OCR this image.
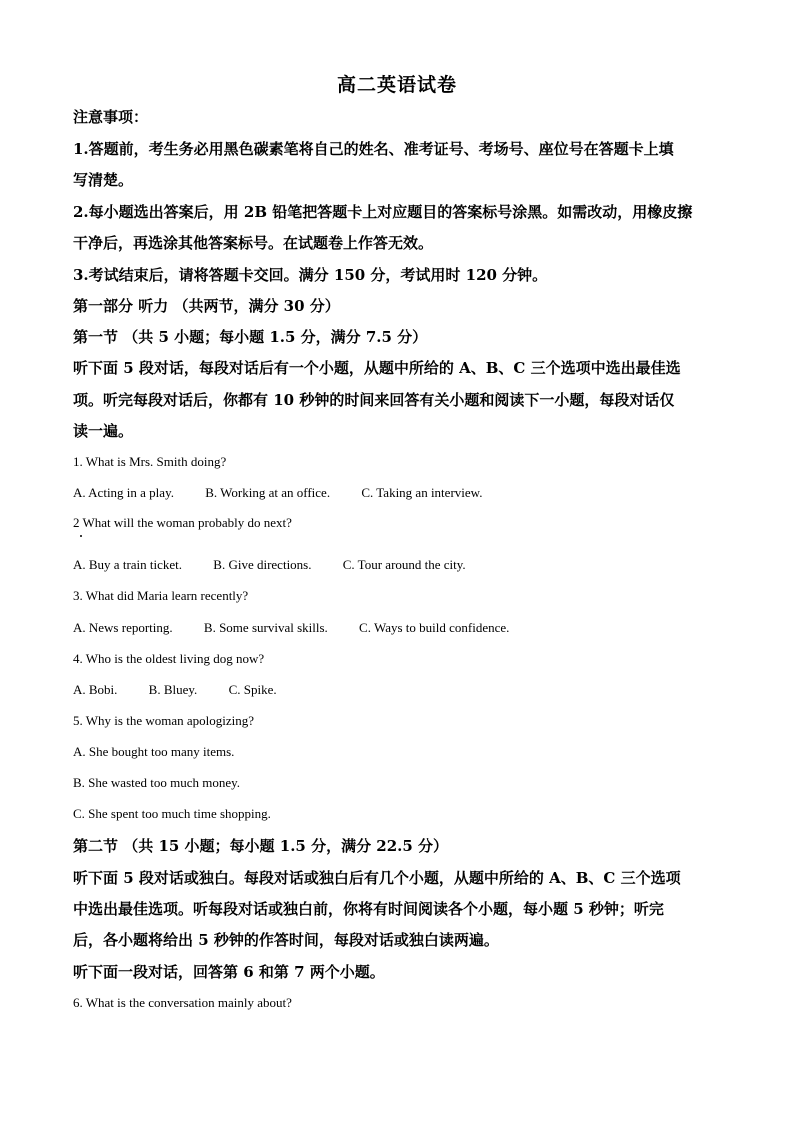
高二英语试卷
注意事项：
1.答题前，考生务必用黑色碳素笔将自己的姓名、准考证号、考场号、座位号在答题卡上填
写清楚。
2.每小题选出答案后，用 2B 铅笔把答题卡上对应题目的答案标号涂黑。如需改动，用橡皮擦
干净后，再选涂其他答案标号。在试题卷上作答无效。
3.考试结束后，请将答题卡交回。满分 150 分，考试用时 120 分钟。
第一部分 听力 （共两节，满分 30 分）
第一节 （共 5 小题；每小题 1.5 分，满分 7.5 分）
听下面 5 段对话，每段对话后有一个小题，从题中所给的 A、B、C 三个选项中选出最佳选
项。听完每段对话后，你都有 10 秒钟的时间来回答有关小题和阅读下一小题，每段对话仅
读一遍。
1. What is Mrs. Smith doing?
A. Acting in a play. B. Working at an office. C. Taking an interview.
2 What will the woman probably do next?
A. Buy a train ticket. B. Give directions. C. Tour around the city.
3. What did Maria learn recently?
A. News reporting. B. Some survival skills. C. Ways to build confidence.
4. Who is the oldest living dog now?
A. Bobi. B. Bluey. C. Spike.
5. Why is the woman apologizing?
A. She bought too many items.
B. She wasted too much money.
C. She spent too much time shopping.
第二节 （共 15 小题；每小题 1.5 分，满分 22.5 分）
听下面 5 段对话或独白。每段对话或独白后有几个小题，从题中所给的 A、B、C 三个选项
中选出最佳选项。听每段对话或独白前，你将有时间阅读各个小题，每小题 5 秒钟；听完
后，各小题将给出 5 秒钟的作答时间，每段对话或独白读两遍。
听下面一段对话，回答第 6 和第 7 两个小题。
6. What is the conversation mainly about?
